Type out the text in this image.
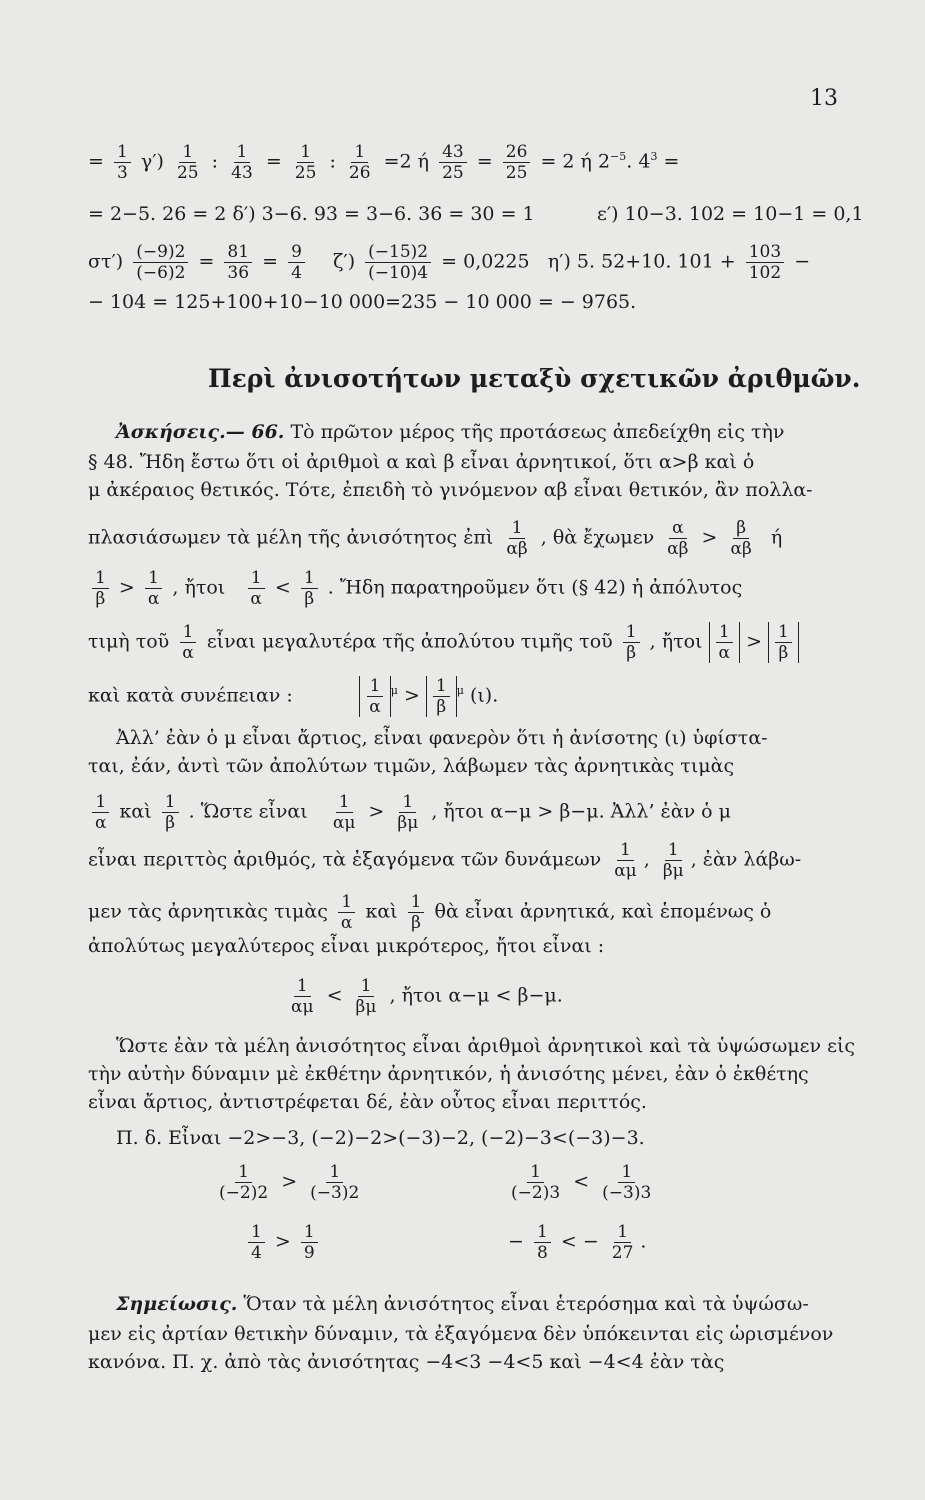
13
= $\frac{1}{3} \gamma') \frac{1}{25}$ : $\frac{1}{43} = \frac{1}{25}$ : $\frac{1}{26} =2$ ή $\frac{43}{25} = \frac{26}{25} = 2$ ή $2^{-5}$. $4^3$ =
= 2−5. 26 = 2 δ′) 3−6. 93 = 3−6. 36 = 30 = 1	ε′) 10−3. 102 = 10−1 = 0,1
$\sigma\tau') \frac{(-9)2}{(-6)2} = \frac{81}{36} = \frac{9}{4} \zeta') \frac{(-15)2}{(-10)4} = 0,0225$ η′) 5. 52+10. $101 + \frac{103}{102}$ −
− 104 = 125+100+10−10 000=235 − 10 000 = − 9765.
Περὶ ἀνισοτήτων μεταξὺ σχετικῶν ἀριθμῶν.
Ἀσκήσεις.— 66. Τὸ πρῶτον μέρος τῆς προτάσεως ἀπεδείχθη εἰς τὴν
§ 48. Ἤδη ἔστω ὅτι οἱ ἀριθμοὶ α καὶ β εἶναι ἀρνητικοί, ὅτι α>β καὶ ὁ
μ ἀκέραιος θετικός. Τότε, ἐπειδὴ τὸ γινόμενον αβ εἶναι θετικόν, ἂν πολλα-
πλασιάσωμεν τὰ μέλη τῆς ἀνισότητος ἐπὶ $\frac{1}{\alpha\beta}$ , θὰ ἔχωμεν $\frac{\alpha}{\alpha\beta} > \frac{\beta}{\alpha\beta}$ ή
$\frac{1}{\beta} > \frac{1}{\alpha}$ , ἤτοι $\frac{1}{\alpha} < \frac{1}{\beta}$ . Ἤδη παρατηροῦμεν ὅτι (§ 42) ἡ ἀπόλυτος
τιμὴ τοῦ $\frac{1}{\alpha}$ εἶναι μεγαλυτέρα τῆς ἀπολύτου τιμῆς τοῦ $\frac{1}{\beta}$ , ἤτοι $\frac{1}{\alpha} > \frac{1}{\beta}$
καὶ κατὰ συνέπειαν :	$\frac{1}{\alpha} ^\mu > \frac{1}{\beta} ^\mu$ (ι).
Ἀλλ’ ἐὰν ὁ μ εἶναι ἄρτιος, εἶναι φανερὸν ὅτι ἡ ἀνίσοτης (ι) ὑφίστα-
ται, ἐάν, ἀντὶ τῶν ἀπολύτων τιμῶν, λάβωμεν τὰς ἀρνητικὰς τιμὰς
$\frac{1}{\alpha}$ καὶ $\frac{1}{\beta}$ . Ὥστε εἶναι $\frac{1}{\alpha\mu} > \frac{1}{\beta\mu}$ , ἤτοι α−μ > β−μ. Ἀλλ’ ἐὰν ὁ μ
εἶναι περιττὸς ἀριθμός, τὰ ἐξαγόμενα τῶν δυνάμεων $\frac{1}{\alpha\mu}$ , $\frac{1}{\beta\mu}$ , ἐὰν λάβω-
μεν τὰς ἀρνητικὰς τιμὰς $\frac{1}{\alpha}$ καὶ $\frac{1}{\beta}$ θὰ εἶναι ἀρνητικά, καὶ ἑπομένως ὁ
ἀπολύτως μεγαλύτερος εἶναι μικρότερος, ἤτοι εἶναι :
$\frac{1}{\alpha\mu} < \frac{1}{\beta\mu}$ , ἤτοι α−μ < β−μ.
Ὥστε ἐὰν τὰ μέλη ἀνισότητος εἶναι ἀριθμοὶ ἀρνητικοὶ καὶ τὰ ὑψώσωμεν εἰς
τὴν αὐτὴν δύναμιν μὲ ἐκθέτην ἀρνητικόν, ἡ ἀνισότης μένει, ἐὰν ὁ ἐκθέτης
εἶναι ἄρτιος, ἀντιστρέφεται δέ, ἐὰν οὗτος εἶναι περιττός.
Π. δ. Εἶναι −2>−3, (−2)−2>(−3)−2, (−2)−3<(−3)−3.
$\frac{1}{(-2)2} > \frac{1}{(-3)2}$	$\frac{1}{(-2)3} < \frac{1}{(-3)3}$
$\frac{1}{4} > \frac{1}{9}$	− $\frac{1}{8}$ < − $\frac{1}{27}$ .
Σημείωσις. Ὅταν τὰ μέλη ἀνισότητος εἶναι ἑτερόσημα καὶ τὰ ὑψώσω-
μεν εἰς ἀρτίαν θετικὴν δύναμιν, τὰ ἐξαγόμενα δὲν ὑπόκεινται εἰς ὡρισμένον
κανόνα. Π. χ. ἀπὸ τὰς ἀνισότητας −4<3 −4<5 καὶ −4<4 ἐὰν τὰς
